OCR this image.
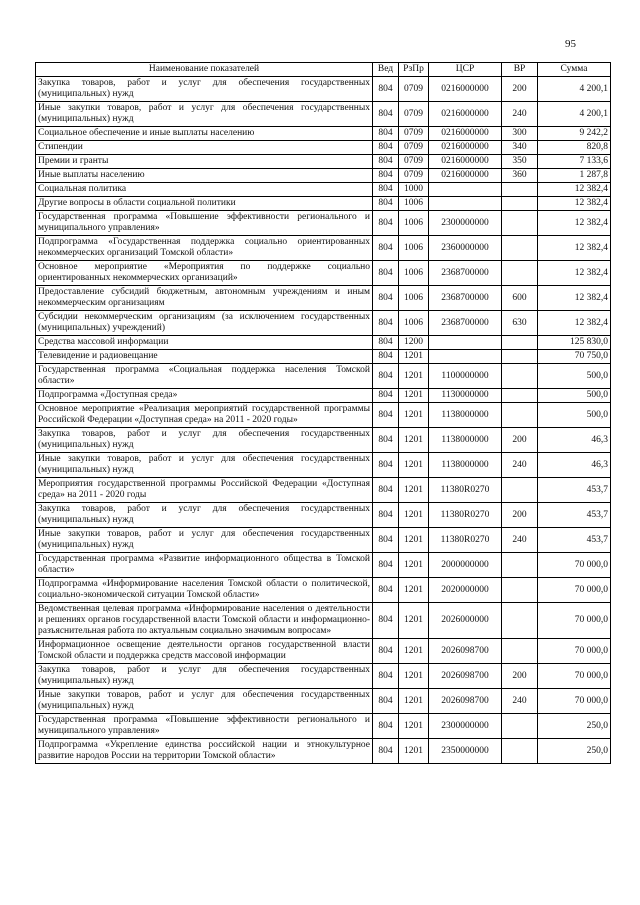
95
Наименование показателей	Вед	РзПр	ЦСР	ВР	Сумма
Закупка товаров, работ и услуг для обеспечения государственных (муниципальных) нужд	804	0709	0216000000	200	4 200,1
Иные закупки товаров, работ и услуг для обеспечения государственных (муниципальных) нужд	804	0709	0216000000	240	4 200,1
Социальное обеспечение и иные выплаты населению	804	0709	0216000000	300	9 242,2
Стипендии	804	0709	0216000000	340	820,8
Премии и гранты	804	0709	0216000000	350	7 133,6
Иные выплаты населению	804	0709	0216000000	360	1 287,8
Социальная политика	804	1000			12 382,4
Другие вопросы в области социальной политики	804	1006			12 382,4
Государственная программа «Повышение эффективности регионального и муниципального управления»	804	1006	2300000000		12 382,4
Подпрограмма «Государственная поддержка социально ориентированных некоммерческих организаций Томской области»	804	1006	2360000000		12 382,4
Основное мероприятие «Мероприятия по поддержке социально ориентированных некоммерческих организаций»	804	1006	2368700000		12 382,4
Предоставление субсидий бюджетным, автономным учреждениям и иным некоммерческим организациям	804	1006	2368700000	600	12 382,4
Субсидии некоммерческим организациям (за исключением государственных (муниципальных) учреждений)	804	1006	2368700000	630	12 382,4
Средства массовой информации	804	1200			125 830,0
Телевидение и радиовещание	804	1201			70 750,0
Государственная программа «Социальная поддержка населения Томской области»	804	1201	1100000000		500,0
Подпрограмма «Доступная среда»	804	1201	1130000000		500,0
Основное мероприятие «Реализация мероприятий государственной программы Российской Федерации «Доступная среда» на 2011 - 2020 годы»	804	1201	1138000000		500,0
Закупка товаров, работ и услуг для обеспечения государственных (муниципальных) нужд	804	1201	1138000000	200	46,3
Иные закупки товаров, работ и услуг для обеспечения государственных (муниципальных) нужд	804	1201	1138000000	240	46,3
Мероприятия государственной программы Российской Федерации «Доступная среда» на 2011 - 2020 годы	804	1201	11380R0270		453,7
Закупка товаров, работ и услуг для обеспечения государственных (муниципальных) нужд	804	1201	11380R0270	200	453,7
Иные закупки товаров, работ и услуг для обеспечения государственных (муниципальных) нужд	804	1201	11380R0270	240	453,7
Государственная программа «Развитие информационного общества в Томской области»	804	1201	2000000000		70 000,0
Подпрограмма «Информирование населения Томской области о политической, социально-экономической ситуации Томской области»	804	1201	2020000000		70 000,0
Ведомственная целевая программа «Информирование населения о деятельности и решениях органов государственной власти Томской области и информационно-разъяснительная работа по актуальным социально значимым вопросам»	804	1201	2026000000		70 000,0
Информационное освещение деятельности органов государственной власти Томской области и поддержка средств массовой информации	804	1201	2026098700		70 000,0
Закупка товаров, работ и услуг для обеспечения государственных (муниципальных) нужд	804	1201	2026098700	200	70 000,0
Иные закупки товаров, работ и услуг для обеспечения государственных (муниципальных) нужд	804	1201	2026098700	240	70 000,0
Государственная программа «Повышение эффективности регионального и муниципального управления»	804	1201	2300000000		250,0
Подпрограмма «Укрепление единства российской нации и этнокультурное развитие народов России на территории Томской области»	804	1201	2350000000		250,0
